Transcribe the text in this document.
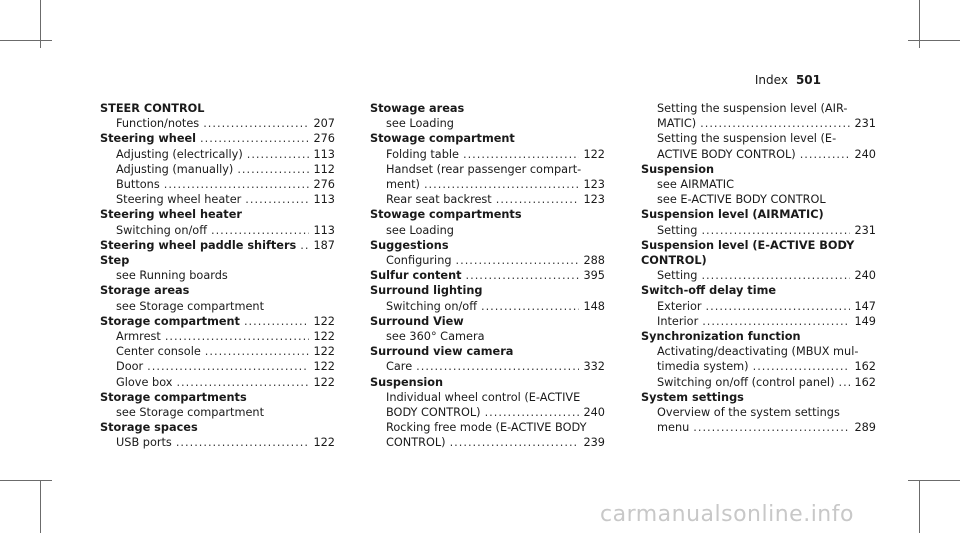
Index 501
STEER CONTROL
Function/notes .....	207
Steering wheel .....	276
Adjusting (electrically) .....	113
Adjusting (manually) .....	112
Buttons .....	276
Steering wheel heater .....	113
Steering wheel heater
Switching on/off .....	113
Steering wheel paddle shifters ..... 187
Step
see Running boards
Storage areas
see Storage compartment
Storage compartment .....	122
Armrest .....	122
Center console .....	122
Door .....	122
Glove box .....	122
Storage compartments
see Storage compartment
Storage spaces
USB ports .....	122
Stowage areas
see Loading
Stowage compartment
Folding table .....	122
Handset (rear passenger compart-
ment) .....	123
Rear seat backrest .....	123
Stowage compartments
see Loading
Suggestions
Configuring .....	288
Sulfur content .....	395
Surround lighting
Switching on/off .....	148
Surround View
see 360° Camera
Surround view camera
Care .....	332
Suspension
Individual wheel control (E-ACTIVE
BODY CONTROL) .....	240
Rocking free mode (E-ACTIVE BODY
CONTROL) .....	239
Setting the suspension level (AIR-
MATIC) .....	231
Setting the suspension level (E-
ACTIVE BODY CONTROL) .....	240
Suspension
see AIRMATIC
see E-ACTIVE BODY CONTROL
Suspension level (AIRMATIC)
Setting .....	231
Suspension level (E-ACTIVE BODY
CONTROL)
Setting .....	240
Switch-off delay time
Exterior .....	147
Interior .....	149
Synchronization function
Activating/deactivating (MBUX mul-
timedia system) .....	162
Switching on/off (control panel) ..... 162
System settings
Overview of the system settings
menu .....	289
carmanualsonline.info
